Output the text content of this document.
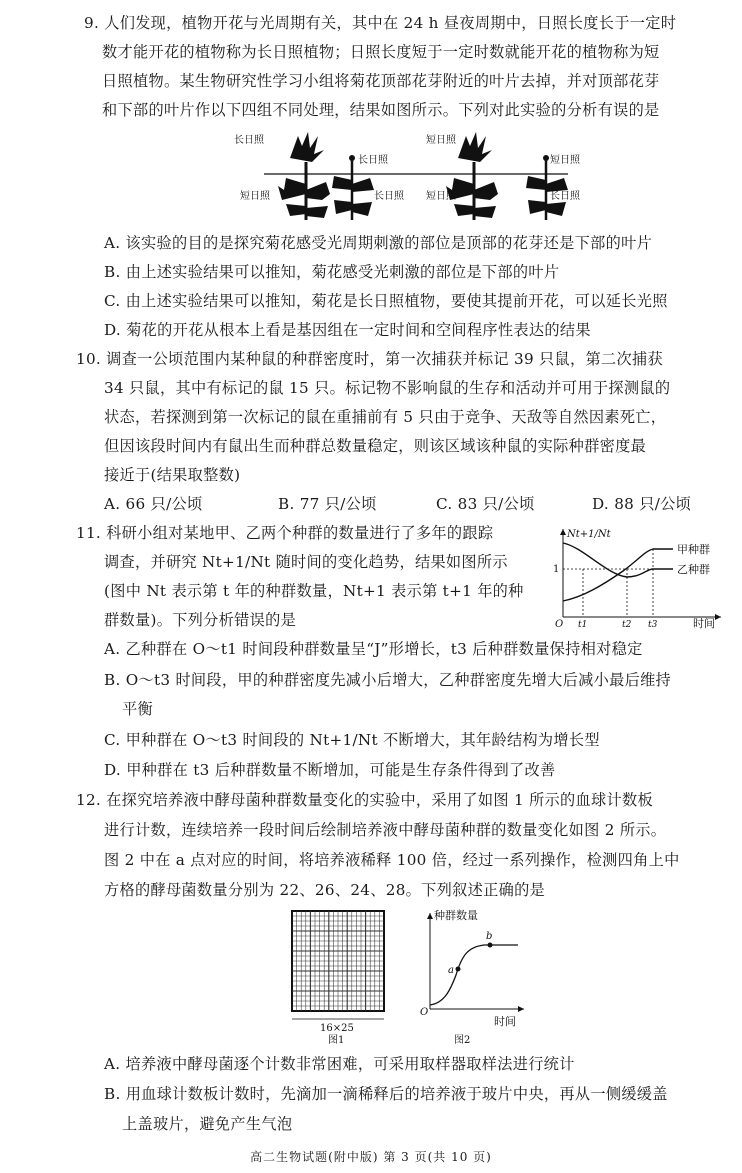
9. 人们发现，植物开花与光周期有关，其中在 24 h 昼夜周期中，日照长度长于一定时
数才能开花的植物称为长日照植物；日照长度短于一定时数就能开花的植物称为短
日照植物。某生物研究性学习小组将菊花顶部花芽附近的叶片去掉，并对顶部花芽
和下部的叶片作以下四组不同处理，结果如图所示。下列对此实验的分析有误的是
长日照
长日照
短日照	长日照
短日照
短日照
短日照	长日照
A. 该实验的目的是探究菊花感受光周期刺激的部位是顶部的花芽还是下部的叶片
B. 由上述实验结果可以推知，菊花感受光刺激的部位是下部的叶片
C. 由上述实验结果可以推知，菊花是长日照植物，要使其提前开花，可以延长光照
D. 菊花的开花从根本上看是基因组在一定时间和空间程序性表达的结果
10. 调查一公顷范围内某种鼠的种群密度时，第一次捕获并标记 39 只鼠，第二次捕获
34 只鼠，其中有标记的鼠 15 只。标记物不影响鼠的生存和活动并可用于探测鼠的
状态，若探测到第一次标记的鼠在重捕前有 5 只由于竞争、天敌等自然因素死亡，
但因该段时间内有鼠出生而种群总数量稳定，则该区域该种鼠的实际种群密度最
接近于(结果取整数)
A. 66 只/公顷	B. 77 只/公顷	C. 83 只/公顷	D. 88 只/公顷
11. 科研小组对某地甲、乙两个种群的数量进行了多年的跟踪
调查，并研究 Nt+1/Nt 随时间的变化趋势，结果如图所示
(图中 Nt 表示第 t 年的种群数量，Nt+1 表示第 t+1 年的种
群数量)。下列分析错误的是
Nt+1/Nt
甲种群
乙种群
1
O t1	t2 t3	时间
A. 乙种群在 O～t1 时间段种群数量呈“J”形增长，t3 后种群数量保持相对稳定
B. O～t3 时间段，甲的种群密度先减小后增大，乙种群密度先增大后减小最后维持
平衡
C. 甲种群在 O～t3 时间段的 Nt+1/Nt 不断增大，其年龄结构为增长型
D. 甲种群在 t3 后种群数量不断增加，可能是生存条件得到了改善
12. 在探究培养液中酵母菌种群数量变化的实验中，采用了如图 1 所示的血球计数板
进行计数，连续培养一段时间后绘制培养液中酵母菌种群的数量变化如图 2 所示。
图 2 中在 a 点对应的时间，将培养液稀释 100 倍，经过一系列操作，检测四角上中
方格的酵母菌数量分别为 22、26、24、28。下列叙述正确的是
16×25
图1
种群数量
a
b
O
时间
图2
A. 培养液中酵母菌逐个计数非常困难，可采用取样器取样法进行统计
B. 用血球计数板计数时，先滴加一滴稀释后的培养液于玻片中央，再从一侧缓缓盖
上盖玻片，避免产生气泡
高二生物试题(附中版) 第 3 页(共 10 页)
